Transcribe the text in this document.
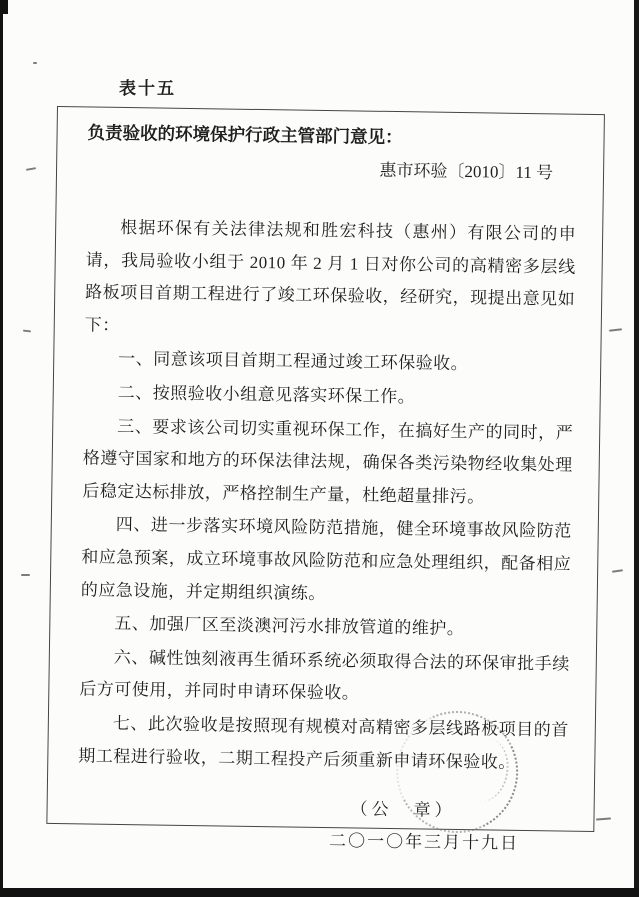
表十五
负责验收的环境保护行政主管部门意见：
惠市环验〔2010〕11 号

根据环保有关法律法规和胜宏科技（惠州）有限公司的申请，我局验收小组于 2010 年 2 月 1 日对你公司的高精密多层线路板项目首期工程进行了竣工环保验收，经研究，现提出意见如下：

一、同意该项目首期工程通过竣工环保验收。

二、按照验收小组意见落实环保工作。

三、要求该公司切实重视环保工作，在搞好生产的同时，严格遵守国家和地方的环保法律法规，确保各类污染物经收集处理后稳定达标排放，严格控制生产量，杜绝超量排污。

四、进一步落实环境风险防范措施，健全环境事故风险防范和应急预案，成立环境事故风险防范和应急处理组织，配备相应的应急设施，并定期组织演练。

五、加强厂区至淡澳河污水排放管道的维护。

六、碱性蚀刻液再生循环系统必须取得合法的环保审批手续后方可使用，并同时申请环保验收。

七、此次验收是按照现有规模对高精密多层线路板项目的首期工程进行验收，二期工程投产后须重新申请环保验收。

（公　章）
二〇一〇年三月十九日
